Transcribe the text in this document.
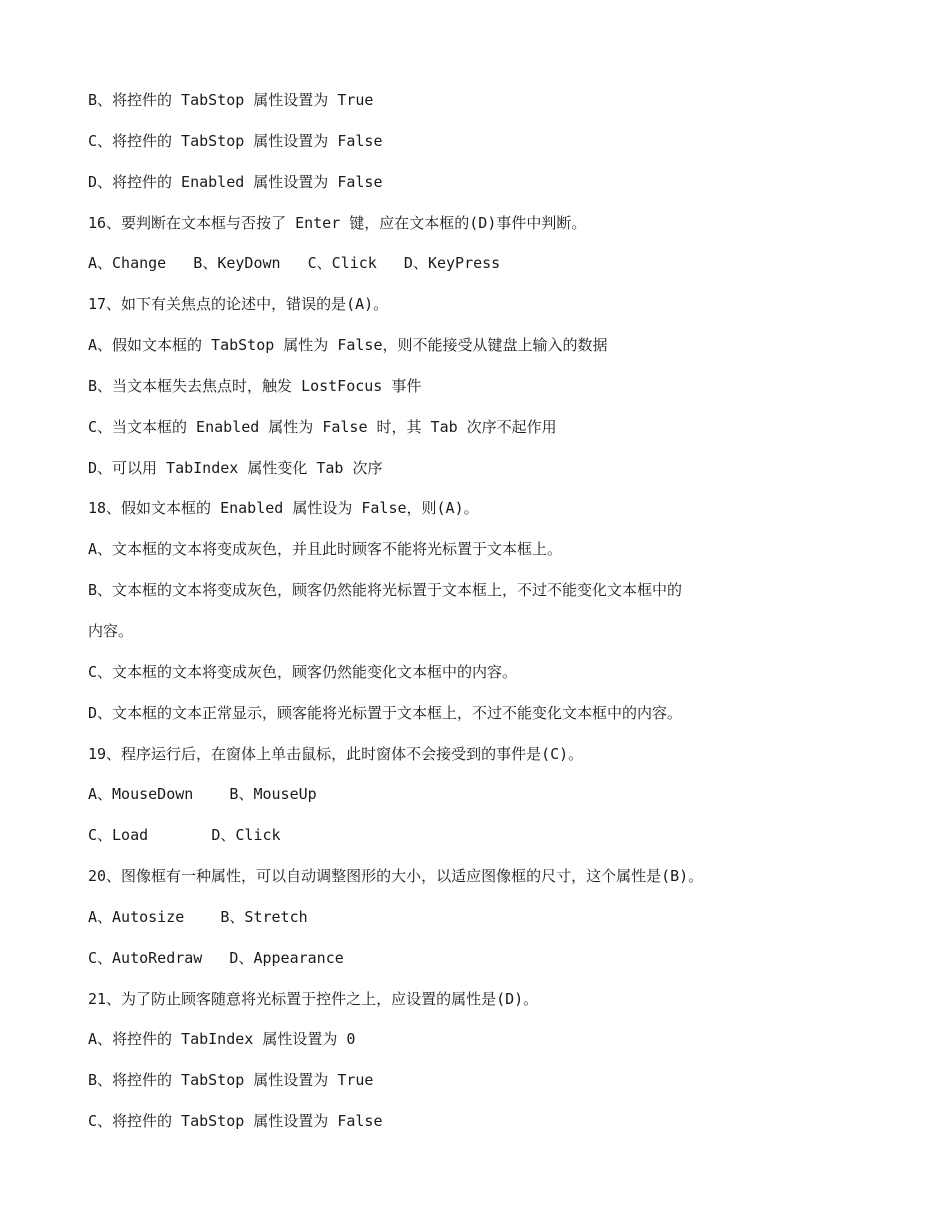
B、将控件的 TabStop 属性设置为 True
C、将控件的 TabStop 属性设置为 False
D、将控件的 Enabled 属性设置为 False
16、要判断在文本框与否按了 Enter 键，应在文本框的(D)事件中判断。
A、Change   B、KeyDown   C、Click   D、KeyPress
17、如下有关焦点的论述中，错误的是(A)。
A、假如文本框的 TabStop 属性为 False，则不能接受从键盘上输入的数据
B、当文本框失去焦点时，触发 LostFocus 事件
C、当文本框的 Enabled 属性为 False 时，其 Tab 次序不起作用
D、可以用 TabIndex 属性变化 Tab 次序
18、假如文本框的 Enabled 属性设为 False，则(A)。
A、文本框的文本将变成灰色，并且此时顾客不能将光标置于文本框上。
B、文本框的文本将变成灰色，顾客仍然能将光标置于文本框上，不过不能变化文本框中的
内容。
C、文本框的文本将变成灰色，顾客仍然能变化文本框中的内容。
D、文本框的文本正常显示，顾客能将光标置于文本框上，不过不能变化文本框中的内容。
19、程序运行后，在窗体上单击鼠标，此时窗体不会接受到的事件是(C)。
A、MouseDown    B、MouseUp
C、Load       D、Click
20、图像框有一种属性，可以自动调整图形的大小，以适应图像框的尺寸，这个属性是(B)。
A、Autosize    B、Stretch
C、AutoRedraw   D、Appearance
21、为了防止顾客随意将光标置于控件之上，应设置的属性是(D)。
A、将控件的 TabIndex 属性设置为 0
B、将控件的 TabStop 属性设置为 True
C、将控件的 TabStop 属性设置为 False
